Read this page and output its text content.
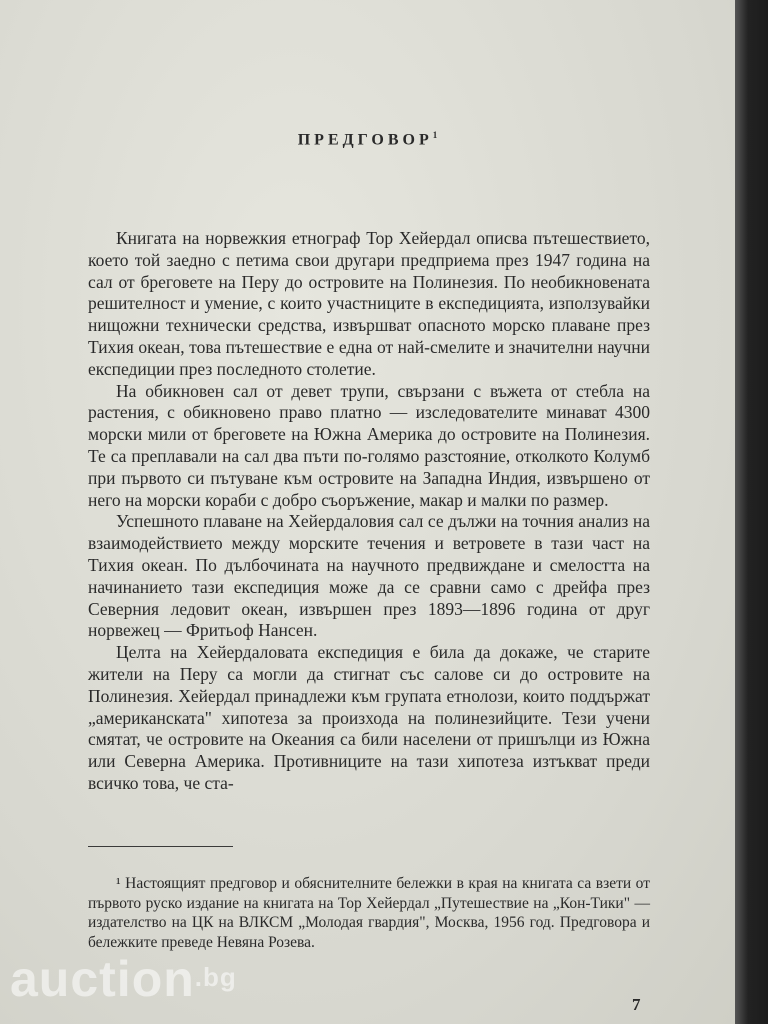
ПРЕДГОВОР$^1$

Книгата на норвежкия етнограф Тор Хейердал описва пътешествието, което той заедно с петима свои другари предприема през 1947 година на сал от бреговете на Перу до островите на Полинезия. По необикновената решителност и умение, с които участниците в експедицията, използувайки нищожни технически средства, извършват опасното морско плаване през Тихия океан, това пътешествие е една от най-смелите и значителни научни експедиции през последното столетие.

На обикновен сал от девет трупи, свързани с въжета от стебла на растения, с обикновено право платно — изследователите минават 4300 морски мили от бреговете на Южна Америка до островите на Полинезия. Те са преплавали на сал два пъти по-голямо разстояние, отколкото Колумб при първото си пътуване към островите на Западна Индия, извършено от него на морски кораби с добро съоръжение, макар и малки по размер.

Успешното плаване на Хейердаловия сал се дължи на точния анализ на взаимодействието между морските течения и ветровете в тази част на Тихия океан. По дълбочината на научното предвиждане и смелостта на начинанието тази експедиция може да се сравни само с дрейфа през Северния ледовит океан, извършен през 1893—1896 година от друг норвежец — Фритьоф Нансен.

Целта на Хейердаловата експедиция е била да докаже, че старите жители на Перу са могли да стигнат със салове си до островите на Полинезия. Хейердал принадлежи към групата етнолози, които поддържат „американската" хипотеза за произхода на полинезийците. Тези учени смятат, че островите на Океания са били населени от пришълци из Южна или Северна Америка. Противниците на тази хипотеза изтъкват преди всичко това, че ста-

¹ Настоящият предговор и обяснителните бележки в края на книгата са взети от първото руско издание на книгата на Тор Хейердал „Путешествие на „Кон-Тики" — издателство на ЦК на ВЛКСМ „Молодая гвардия", Москва, 1956 год. Предговора и бележките преведе Невяна Розева.

7
auction$^{.bg}$
